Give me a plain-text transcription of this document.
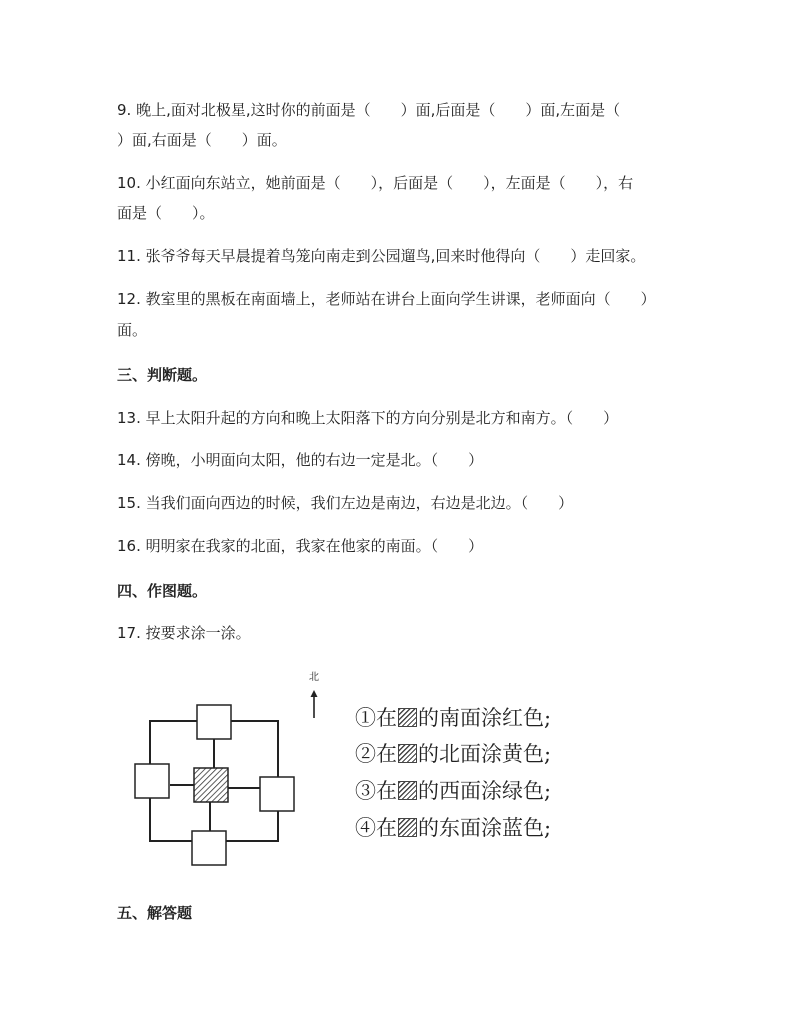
9. 晚上,面对北极星,这时你的前面是（　　）面,后面是（　　）面,左面是（
）面,右面是（　　）面。
10. 小红面向东站立，她前面是（　　），后面是（　　），左面是（　　），右
面是（　　）。
11. 张爷爷每天早晨提着鸟笼向南走到公园遛鸟,回来时他得向（　　）走回家。
12. 教室里的黑板在南面墙上，老师站在讲台上面向学生讲课，老师面向（　　）
面。
三、判断题。
13. 早上太阳升起的方向和晚上太阳落下的方向分别是北方和南方。（　　）
14. 傍晚，小明面向太阳，他的右边一定是北。（　　）
15. 当我们面向西边的时候，我们左边是南边，右边是北边。（　　）
16. 明明家在我家的北面，我家在他家的南面。（　　）
四、作图题。
17. 按要求涂一涂。
北
①在 的南面涂红色;
②在 的北面涂黄色;
③在 的西面涂绿色;
④在 的东面涂蓝色;
五、解答题
